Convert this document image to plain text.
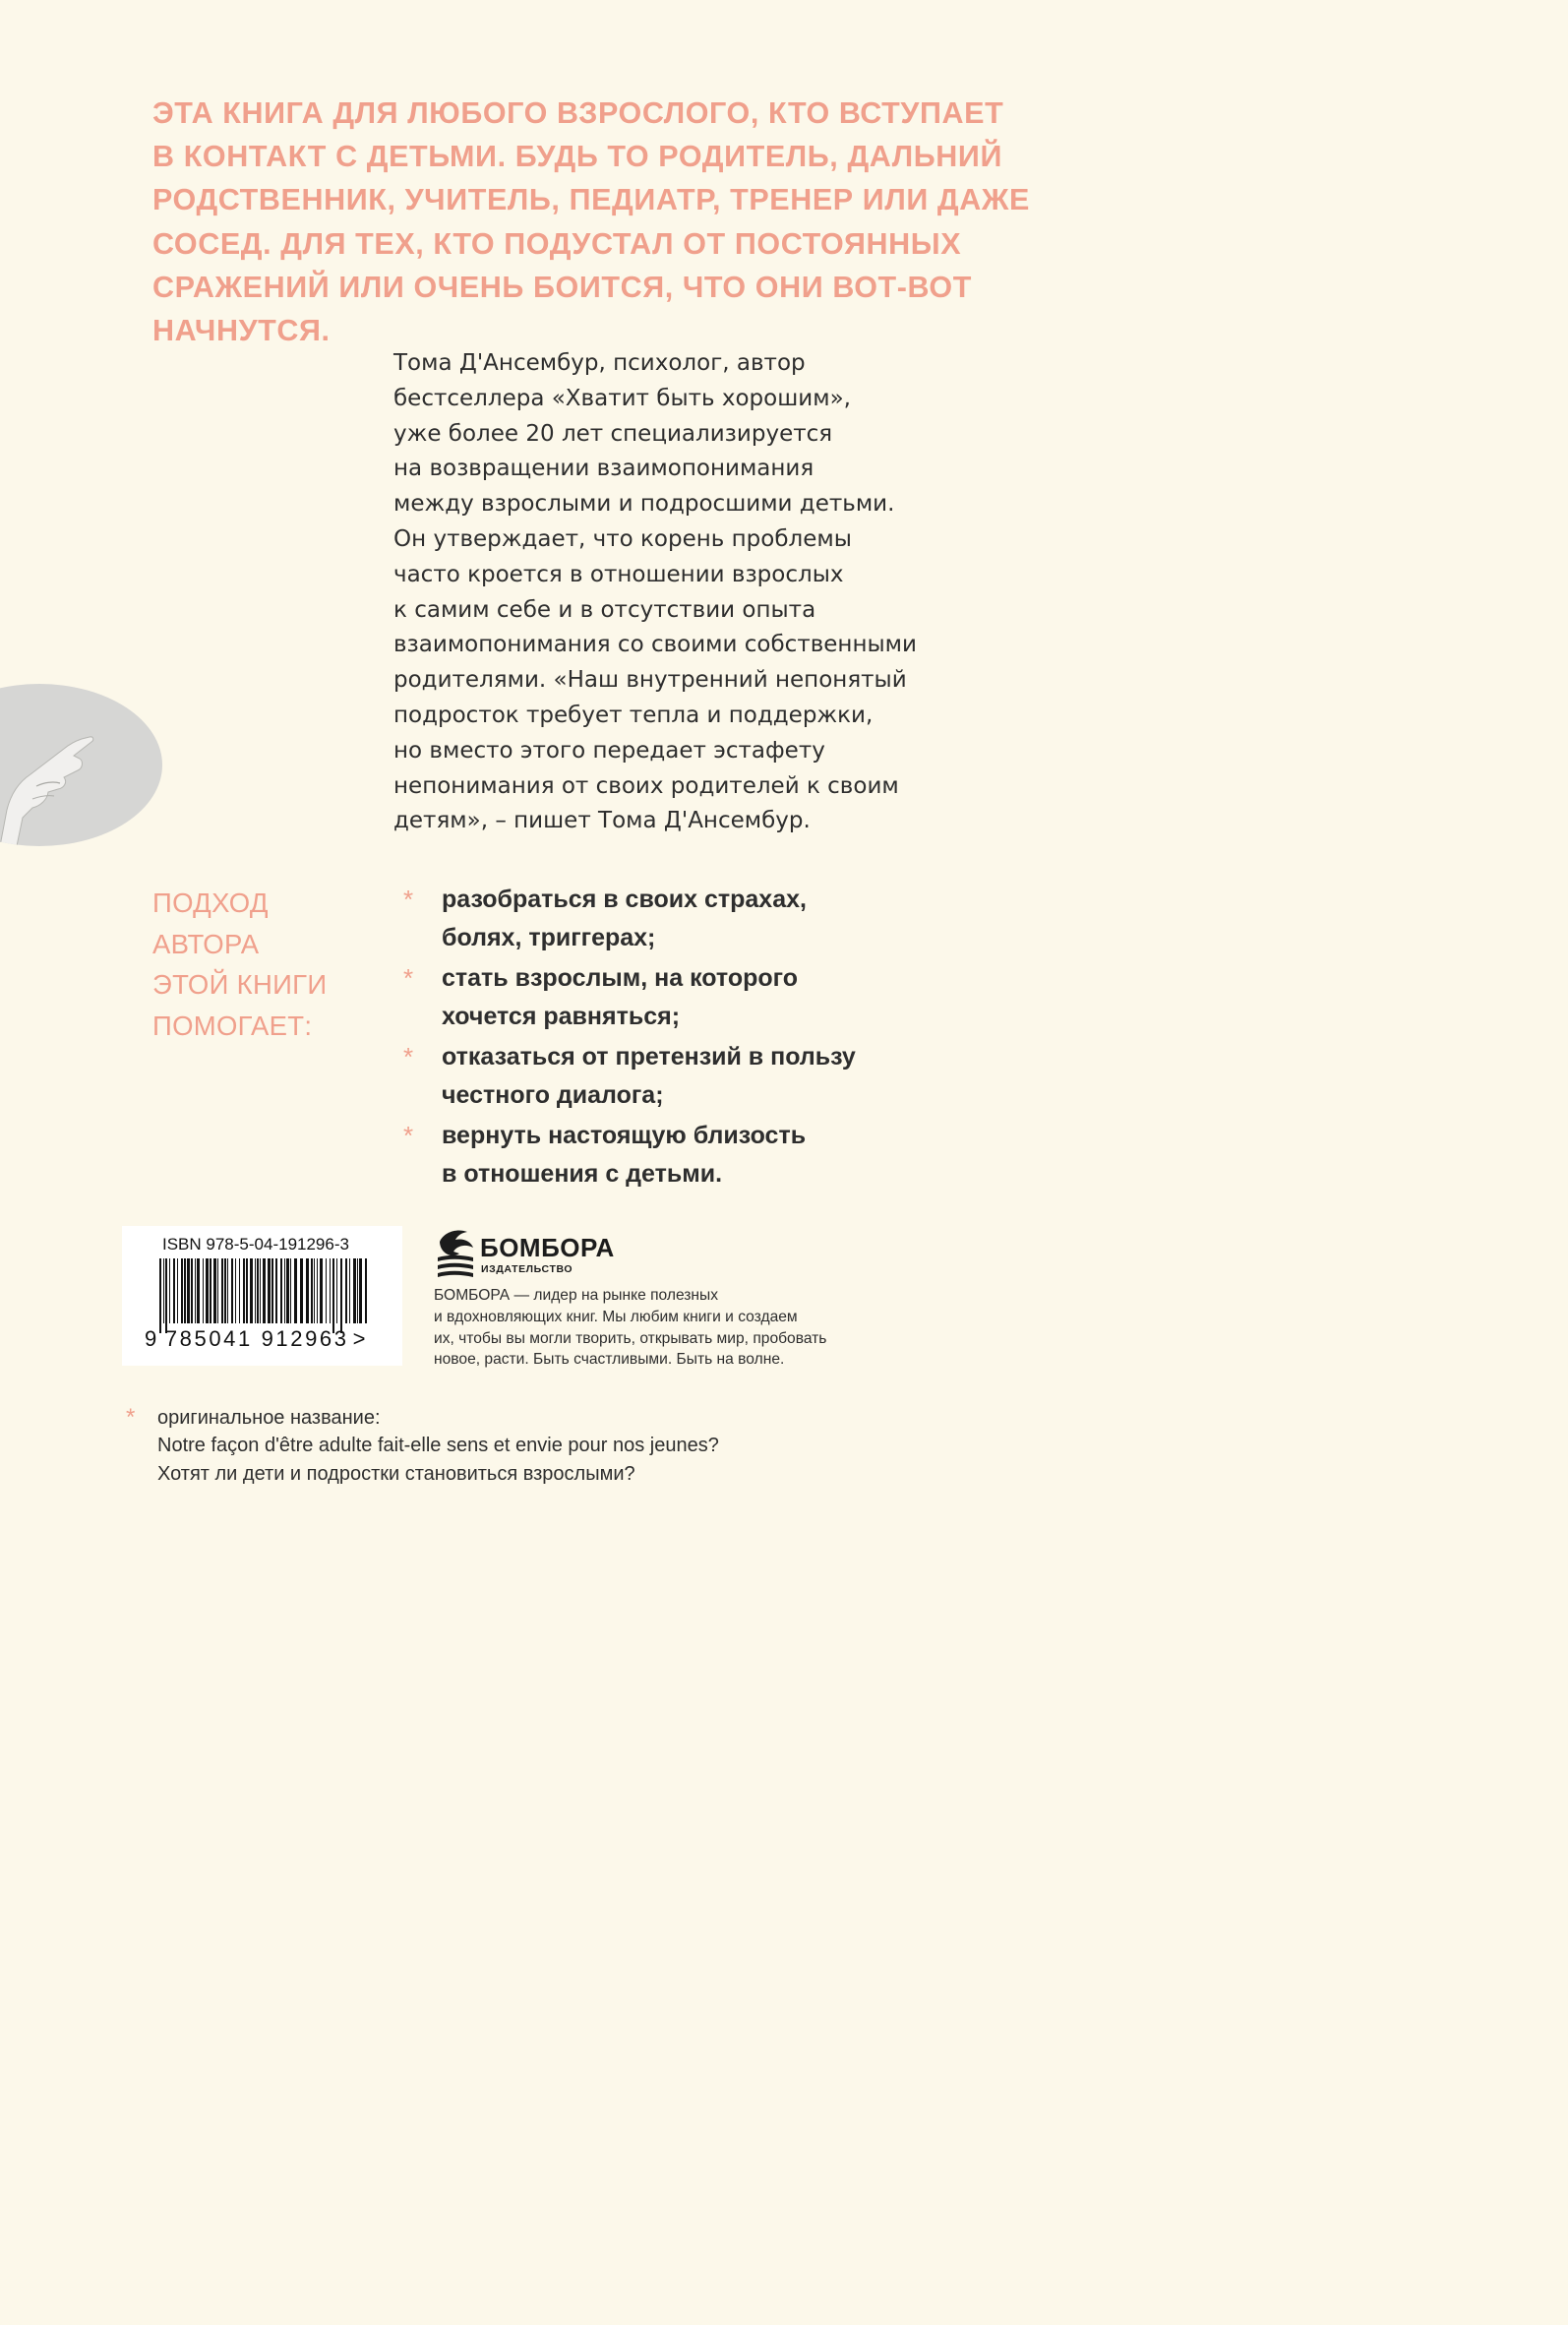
ЭТА КНИГА ДЛЯ ЛЮБОГО ВЗРОСЛОГО, КТО ВСТУПАЕТ
В КОНТАКТ С ДЕТЬМИ. БУДЬ ТО РОДИТЕЛЬ, ДАЛЬНИЙ
РОДСТВЕННИК, УЧИТЕЛЬ, ПЕДИАТР, ТРЕНЕР ИЛИ ДАЖЕ
СОСЕД. ДЛЯ ТЕХ, КТО ПОДУСТАЛ ОТ ПОСТОЯННЫХ
СРАЖЕНИЙ ИЛИ ОЧЕНЬ БОИТСЯ, ЧТО ОНИ ВОТ-ВОТ
НАЧНУТСЯ.

Тома Д'Ансембур, психолог, автор
бестселлера «Хватит быть хорошим»,
уже более 20 лет специализируется
на возвращении взаимопонимания
между взрослыми и подросшими детьми.
Он утверждает, что корень проблемы
часто кроется в отношении взрослых
к самим себе и в отсутствии опыта
взаимопонимания со своими собственными
родителями. «Наш внутренний непонятый
подросток требует тепла и поддержки,
но вместо этого передает эстафету
непонимания от своих родителей к своим
детям», – пишет Тома Д'Ансембур.

ПОДХОД
АВТОРА
ЭТОЙ КНИГИ
ПОМОГАЕТ:

* разобраться в своих страхах,
болях, триггерах;
* стать взрослым, на которого
хочется равняться;
* отказаться от претензий в пользу
честного диалога;
* вернуть настоящую близость
в отношения с детьми.
ISBN 978-5-04-191296-3
9 785041 912963 >
БОМБОРА
ИЗДАТЕЛЬСТВО

БОМБОРА — лидер на рынке полезных
и вдохновляющих книг. Мы любим книги и создаем
их, чтобы вы могли творить, открывать мир, пробовать
новое, расти. Быть счастливыми. Быть на волне.

* оригинальное название:
Notre façon d'être adulte fait-elle sens et envie pour nos jeunes?
Хотят ли дети и подростки становиться взрослыми?
